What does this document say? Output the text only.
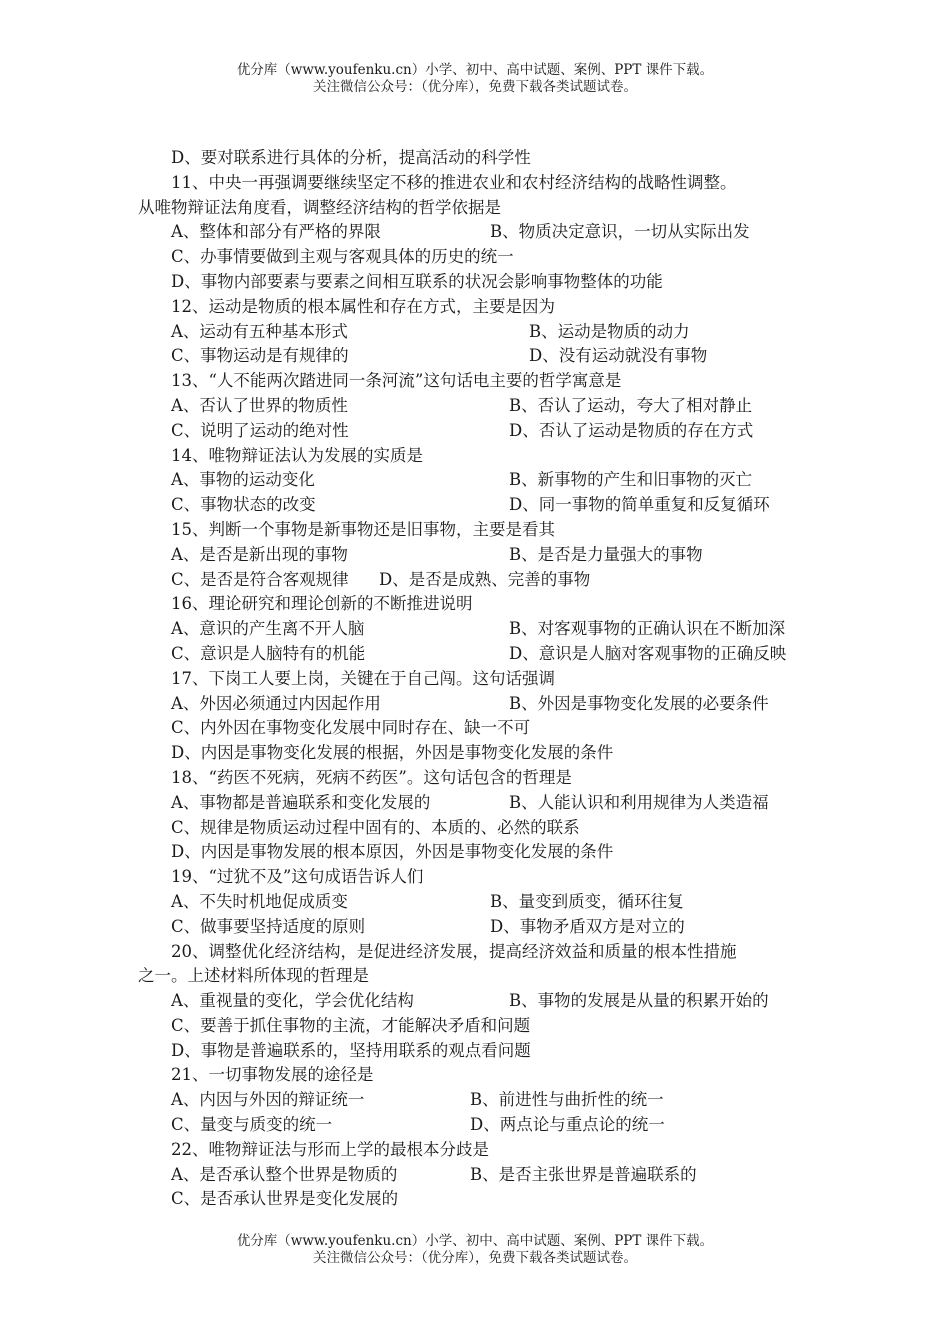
优分库（www.youfenku.cn）小学、初中、高中试题、案例、PPT 课件下载。
关注微信公众号：（优分库），免费下载各类试题试卷。
D、要对联系进行具体的分析，提高活动的科学性
11、中央一再强调要继续坚定不移的推进农业和农村经济结构的战略性调整。
从唯物辩证法角度看，调整经济结构的哲学依据是
A、整体和部分有严格的界限	B、物质决定意识，一切从实际出发
C、办事情要做到主观与客观具体的历史的统一
D、事物内部要素与要素之间相互联系的状况会影响事物整体的功能
12、运动是物质的根本属性和存在方式，主要是因为
A、运动有五种基本形式	B、运动是物质的动力
C、事物运动是有规律的	D、没有运动就没有事物
13、“人不能两次踏进同一条河流”这句话电主要的哲学寓意是
A、否认了世界的物质性	B、否认了运动，夸大了相对静止
C、说明了运动的绝对性	D、否认了运动是物质的存在方式
14、唯物辩证法认为发展的实质是
A、事物的运动变化	B、新事物的产生和旧事物的灭亡
C、事物状态的改变	D、同一事物的简单重复和反复循环
15、判断一个事物是新事物还是旧事物，主要是看其
A、是否是新出现的事物	B、是否是力量强大的事物
C、是否是符合客观规律 D、是否是成熟、完善的事物
16、理论研究和理论创新的不断推进说明
A、意识的产生离不开人脑	B、对客观事物的正确认识在不断加深
C、意识是人脑特有的机能	D、意识是人脑对客观事物的正确反映
17、下岗工人要上岗，关键在于自己闯。这句话强调
A、外因必须通过内因起作用	B、外因是事物变化发展的必要条件
C、内外因在事物变化发展中同时存在、缺一不可
D、内因是事物变化发展的根据，外因是事物变化发展的条件
18、“药医不死病，死病不药医”。这句话包含的哲理是
A、事物都是普遍联系和变化发展的	B、人能认识和利用规律为人类造福
C、规律是物质运动过程中固有的、本质的、必然的联系
D、内因是事物发展的根本原因，外因是事物变化发展的条件
19、“过犹不及”这句成语告诉人们
A、不失时机地促成质变	B、量变到质变，循环往复
C、做事要坚持适度的原则	D、事物矛盾双方是对立的
20、调整优化经济结构，是促进经济发展，提高经济效益和质量的根本性措施
之一。上述材料所体现的哲理是
A、重视量的变化，学会优化结构	B、事物的发展是从量的积累开始的
C、要善于抓住事物的主流，才能解决矛盾和问题
D、事物是普遍联系的，坚持用联系的观点看问题
21、一切事物发展的途径是
A、内因与外因的辩证统一	B、前进性与曲折性的统一
C、量变与质变的统一	D、两点论与重点论的统一
22、唯物辩证法与形而上学的最根本分歧是
A、是否承认整个世界是物质的	B、是否主张世界是普遍联系的
C、是否承认世界是变化发展的
优分库（www.youfenku.cn）小学、初中、高中试题、案例、PPT 课件下载。
关注微信公众号：（优分库），免费下载各类试题试卷。
